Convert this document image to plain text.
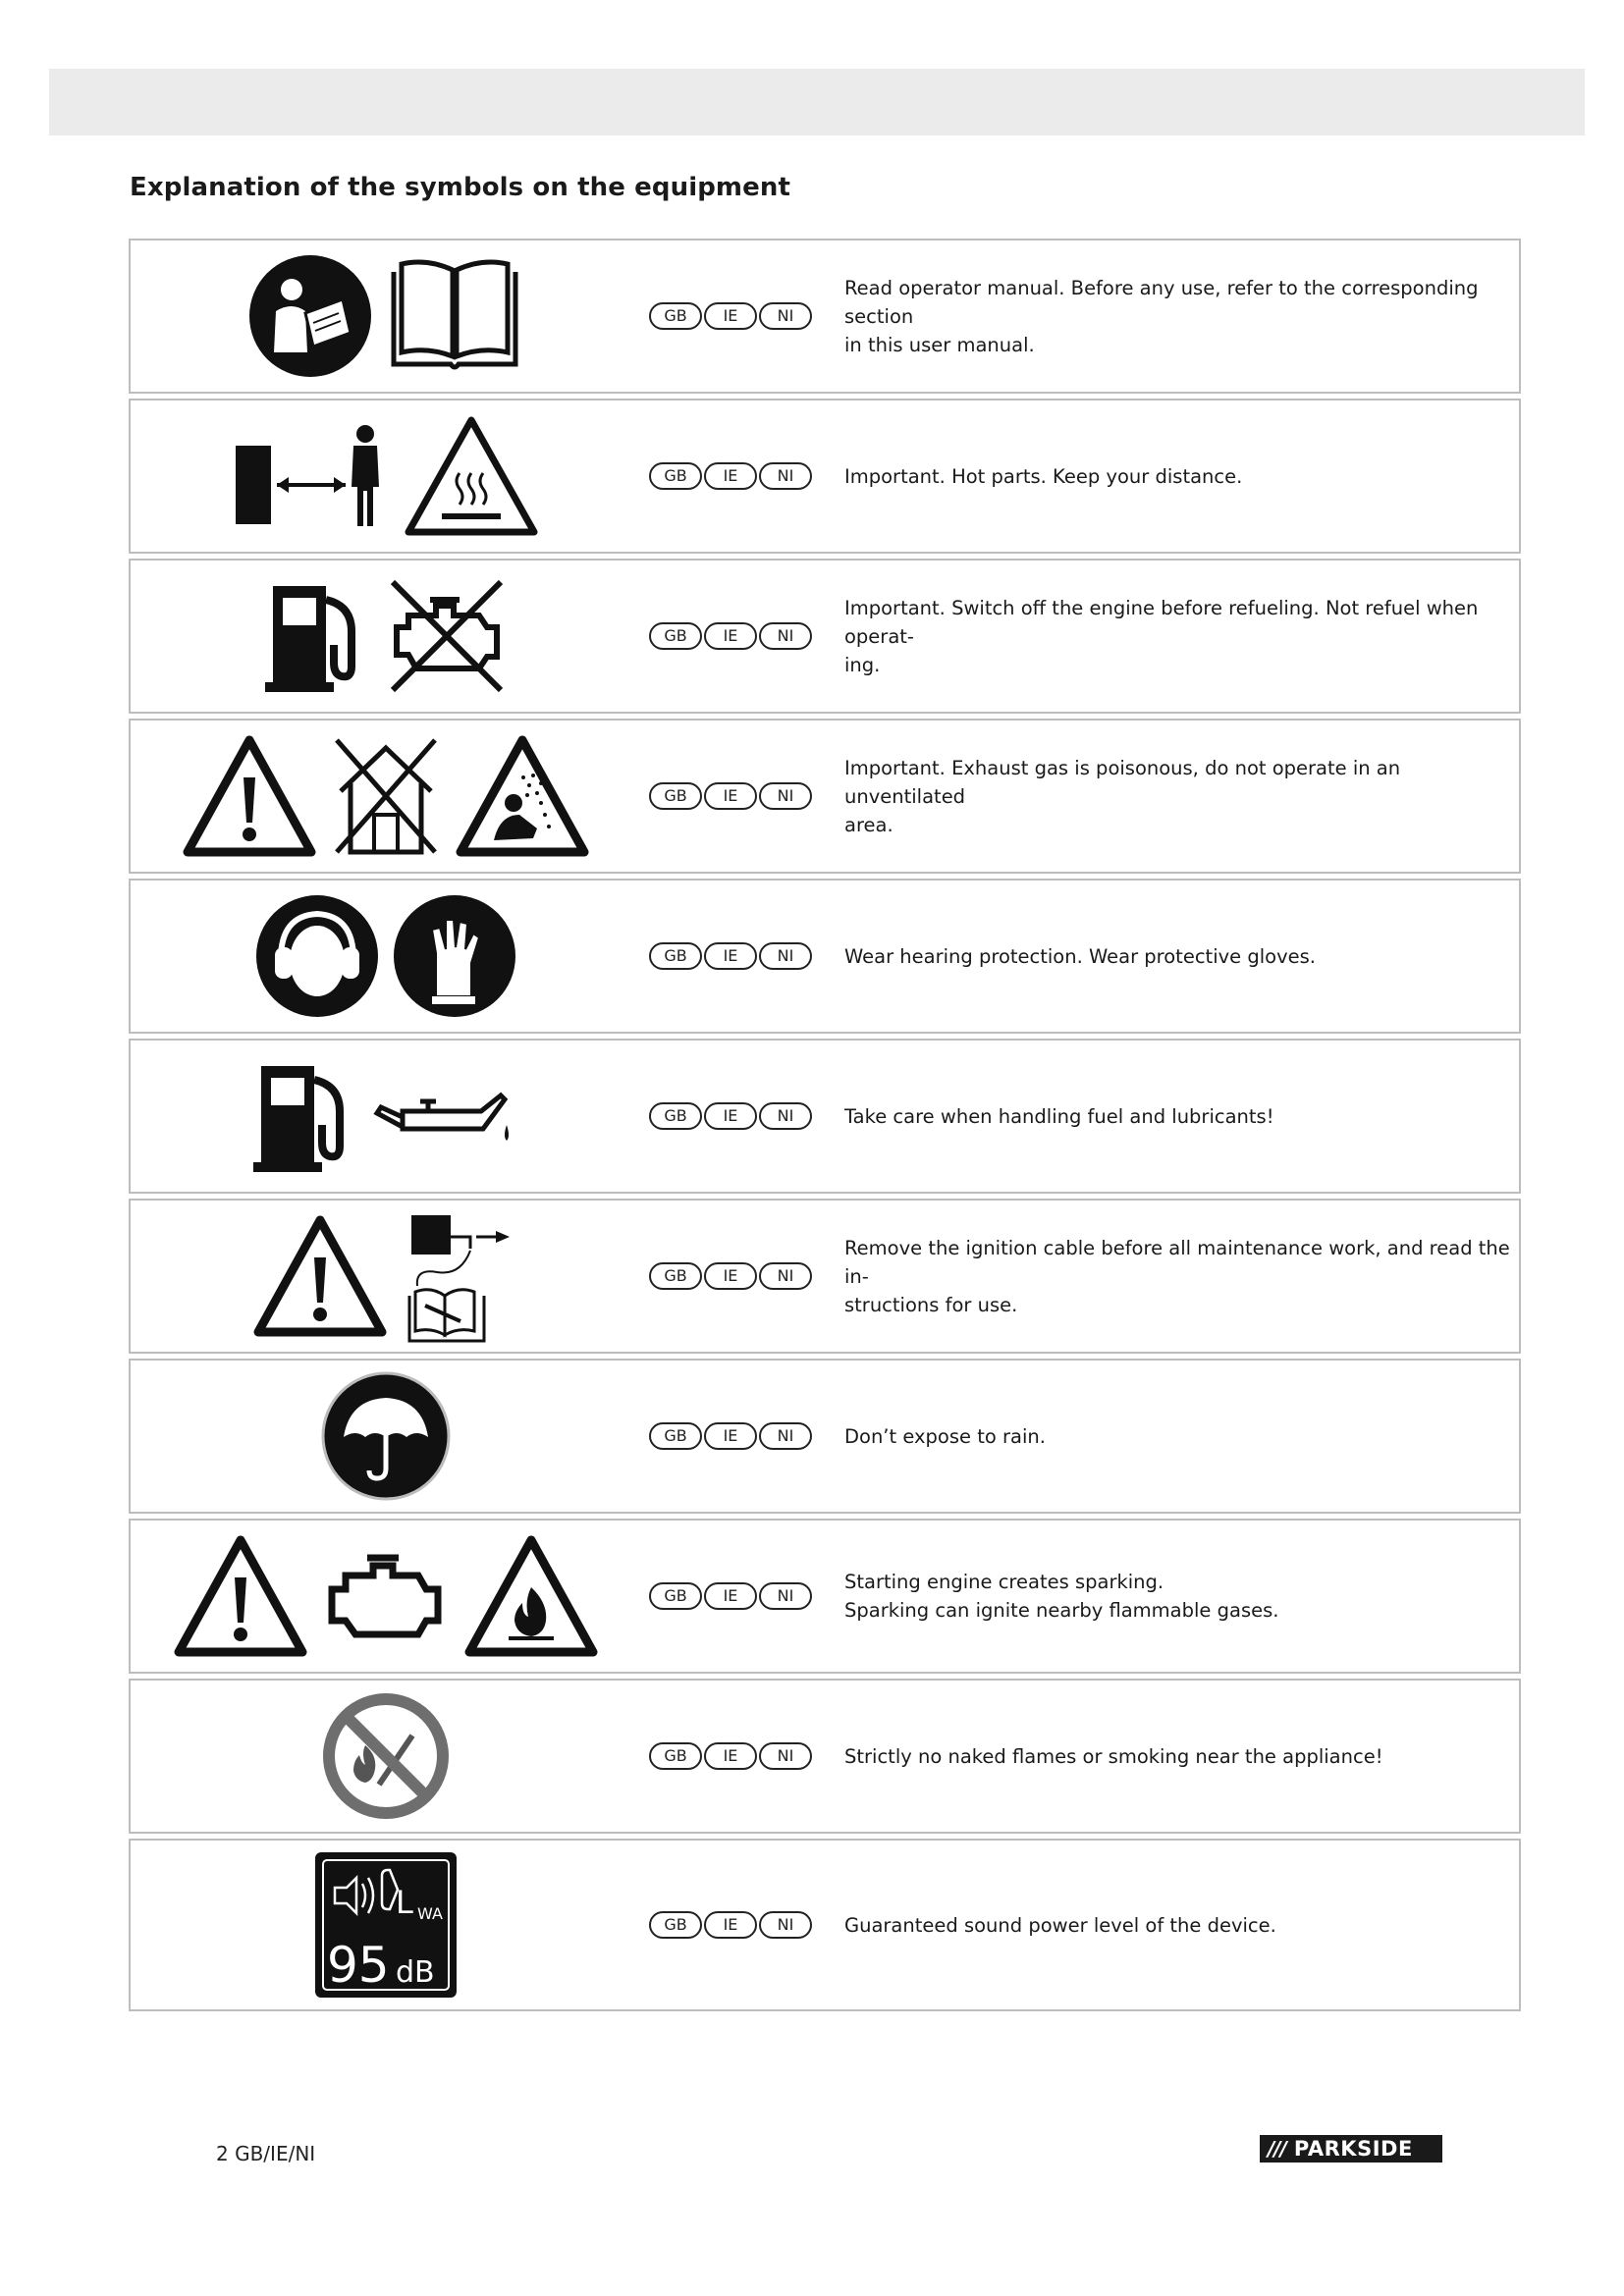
Explanation of the symbols on the equipment
GB	IE	NI
Read operator manual. Before any use, refer to the corresponding section
in this user manual.
GB	IE	NI	Important. Hot parts. Keep your distance.
GB	IE	NI
Important. Switch off the engine before refueling. Not refuel when operat-
ing.
GB	IE	NI
Important. Exhaust gas is poisonous, do not operate in an unventilated
area.
GB	IE	NI	Wear hearing protection. Wear protective gloves.
GB	IE	NI	Take care when handling fuel and lubricants!
GB	IE	NI
Remove the ignition cable before all maintenance work, and read the in-
structions for use.
GB	IE	NI	Don’t expose to rain.
GB	IE	NI
Starting engine creates sparking.
Sparking can ignite nearby flammable gases.
GB	IE	NI	Strictly no naked flames or smoking near the appliance!
L WA
95 dB
GB	IE	NI	Guaranteed sound power level of the device.
2 GB/IE/NI	/// PARKSIDE
